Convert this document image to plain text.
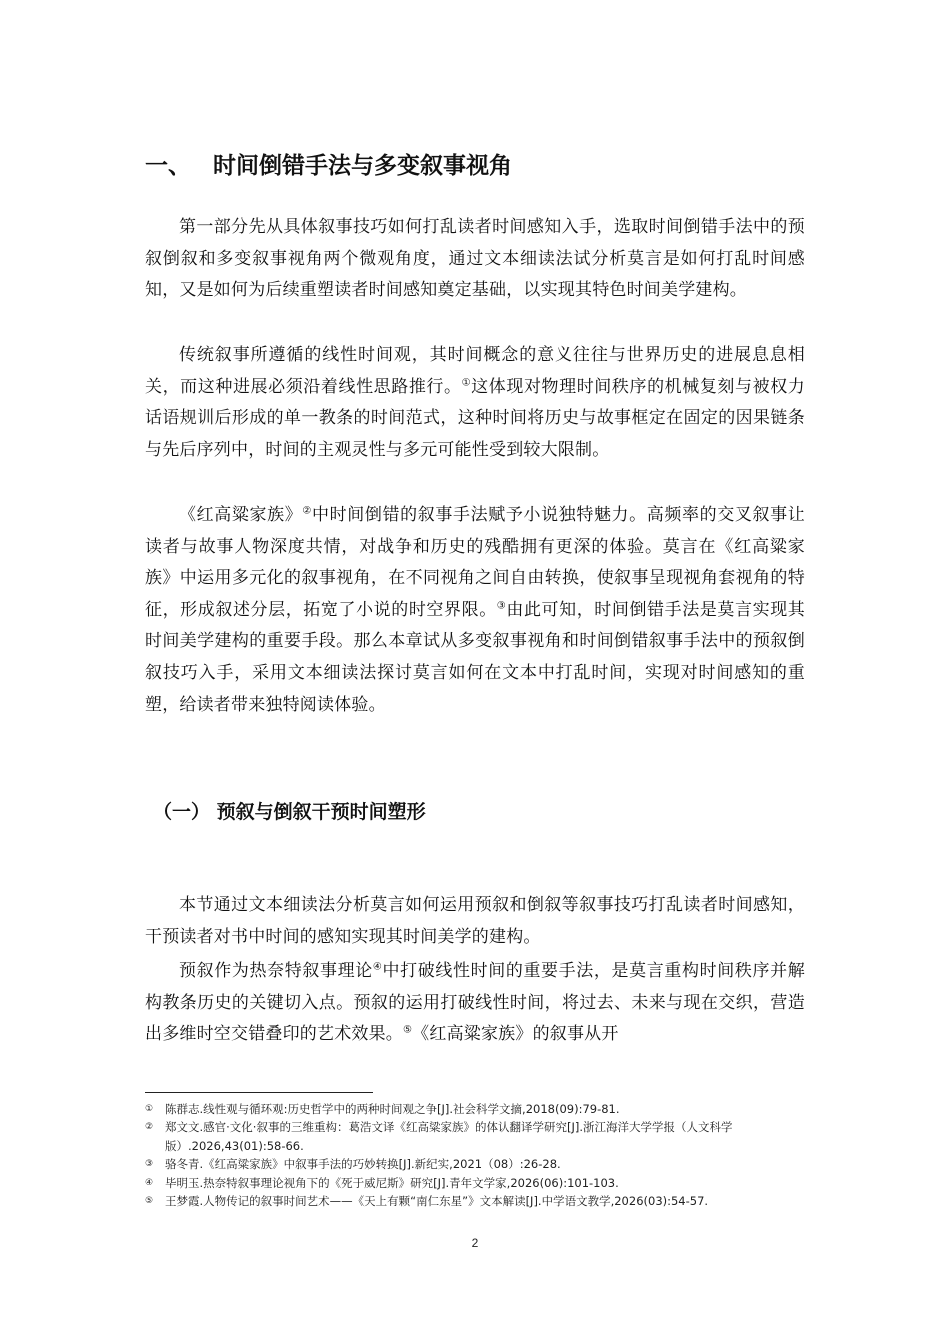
一、 时间倒错手法与多变叙事视角
第一部分先从具体叙事技巧如何打乱读者时间感知入手，选取时间倒错手法中的预叙倒叙和多变叙事视角两个微观角度，通过文本细读法试分析莫言是如何打乱时间感知，又是如何为后续重塑读者时间感知奠定基础，以实现其特色时间美学建构。
传统叙事所遵循的线性时间观，其时间概念的意义往往与世界历史的进展息息相关，而这种进展必须沿着线性思路推行。①这体现对物理时间秩序的机械复刻与被权力话语规训后形成的单一教条的时间范式，这种时间将历史与故事框定在固定的因果链条与先后序列中，时间的主观灵性与多元可能性受到较大限制。
《红高粱家族》②中时间倒错的叙事手法赋予小说独特魅力。高频率的交叉叙事让读者与故事人物深度共情，对战争和历史的残酷拥有更深的体验。莫言在《红高粱家族》中运用多元化的叙事视角，在不同视角之间自由转换，使叙事呈现视角套视角的特征，形成叙述分层，拓宽了小说的时空界限。③由此可知，时间倒错手法是莫言实现其时间美学建构的重要手段。那么本章试从多变叙事视角和时间倒错叙事手法中的预叙倒叙技巧入手，采用文本细读法探讨莫言如何在文本中打乱时间，实现对时间感知的重塑，给读者带来独特阅读体验。
（一） 预叙与倒叙干预时间塑形
本节通过文本细读法分析莫言如何运用预叙和倒叙等叙事技巧打乱读者时间感知，干预读者对书中时间的感知实现其时间美学的建构。
预叙作为热奈特叙事理论④中打破线性时间的重要手法，是莫言重构时间秩序并解构教条历史的关键切入点。预叙的运用打破线性时间，将过去、未来与现在交织，营造出多维时空交错叠印的艺术效果。⑤《红高粱家族》的叙事从开
① 陈群志.线性观与循环观:历史哲学中的两种时间观之争[J].社会科学文摘,2018(09):79-81.
② 郑文文.感官·文化·叙事的三维重构：葛浩文译《红高粱家族》的体认翻译学研究[J].浙江海洋大学学报（人文科学版）.2026,43(01):58-66.
③ 骆冬青.《红高粱家族》中叙事手法的巧妙转换[J].新纪实,2021（08）:26-28.
④ 毕明玉.热奈特叙事理论视角下的《死于威尼斯》研究[J].青年文学家,2026(06):101-103.
⑤ 王梦霞.人物传记的叙事时间艺术——《天上有颗“南仁东星”》文本解读[J].中学语文教学,2026(03):54-57.
2
